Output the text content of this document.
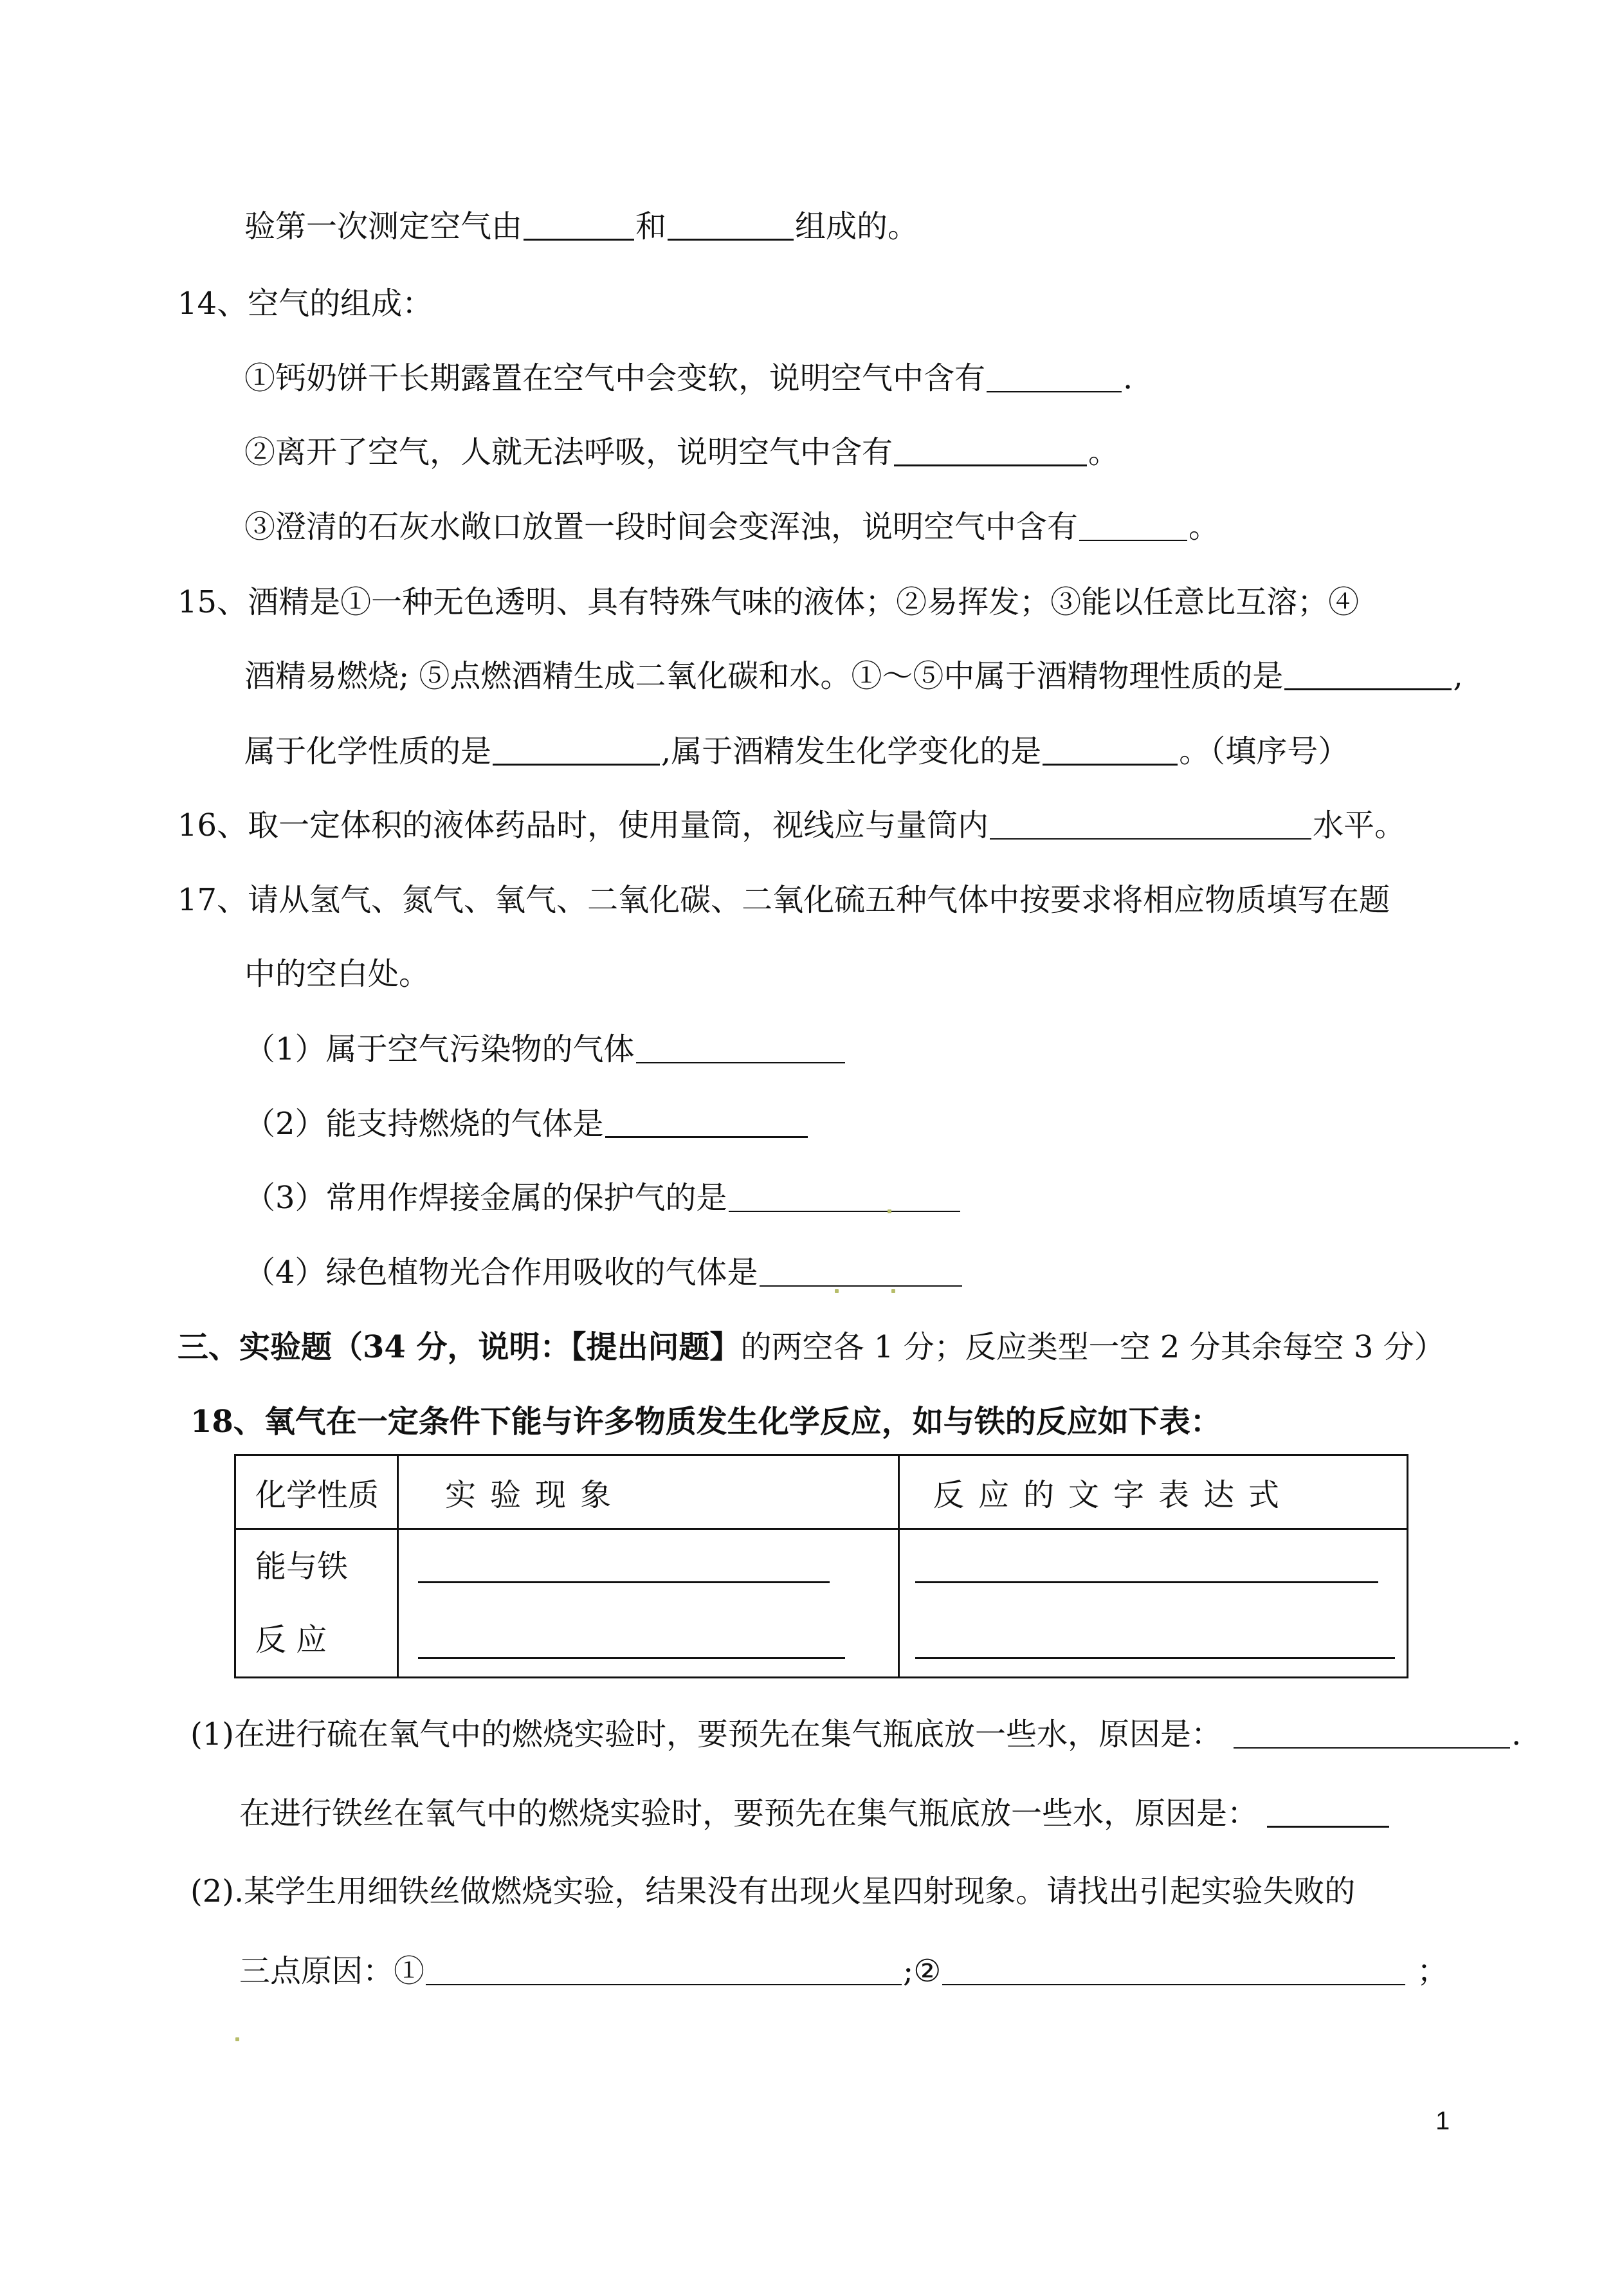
验第一次测定空气由	和	组成的。
14、空气的组成：
①钙奶饼干长期露置在空气中会变软，说明空气中含有	.
②离开了空气，人就无法呼吸，说明空气中含有	。
③澄清的石灰水敞口放置一段时间会变浑浊，说明空气中含有	。
15、酒精是①一种无色透明、具有特殊气味的液体；②易挥发；③能以任意比互溶；④
酒精易燃烧; ⑤点燃酒精生成二氧化碳和水。①～⑤中属于酒精物理性质的是	,
属于化学性质的是	,属于酒精发生化学变化的是	。（填序号）
16、取一定体积的液体药品时，使用量筒，视线应与量筒内	水平。
17、请从氢气、氮气、氧气、二氧化碳、二氧化硫五种气体中按要求将相应物质填写在题
中的空白处。
（1）属于空气污染物的气体
（2）能支持燃烧的气体是
（3）常用作焊接金属的保护气的是
（4）绿色植物光合作用吸收的气体是
三、实验题（34 分，说明：【提出问题】的两空各 1 分；反应类型一空 2 分其余每空 3 分）
18、氧气在一定条件下能与许多物质发生化学反应，如与铁的反应如下表：
化学性质	实验现象	反应的文字表达式

能与铁
反 应		

(1)在进行硫在氧气中的燃烧实验时，要预先在集气瓶底放一些水，原因是：	.
在进行铁丝在氧气中的燃烧实验时，要预先在集气瓶底放一些水，原因是：
(2).某学生用细铁丝做燃烧实验，结果没有出现火星四射现象。请找出引起实验失败的
三点原因：①	;②	；
1
